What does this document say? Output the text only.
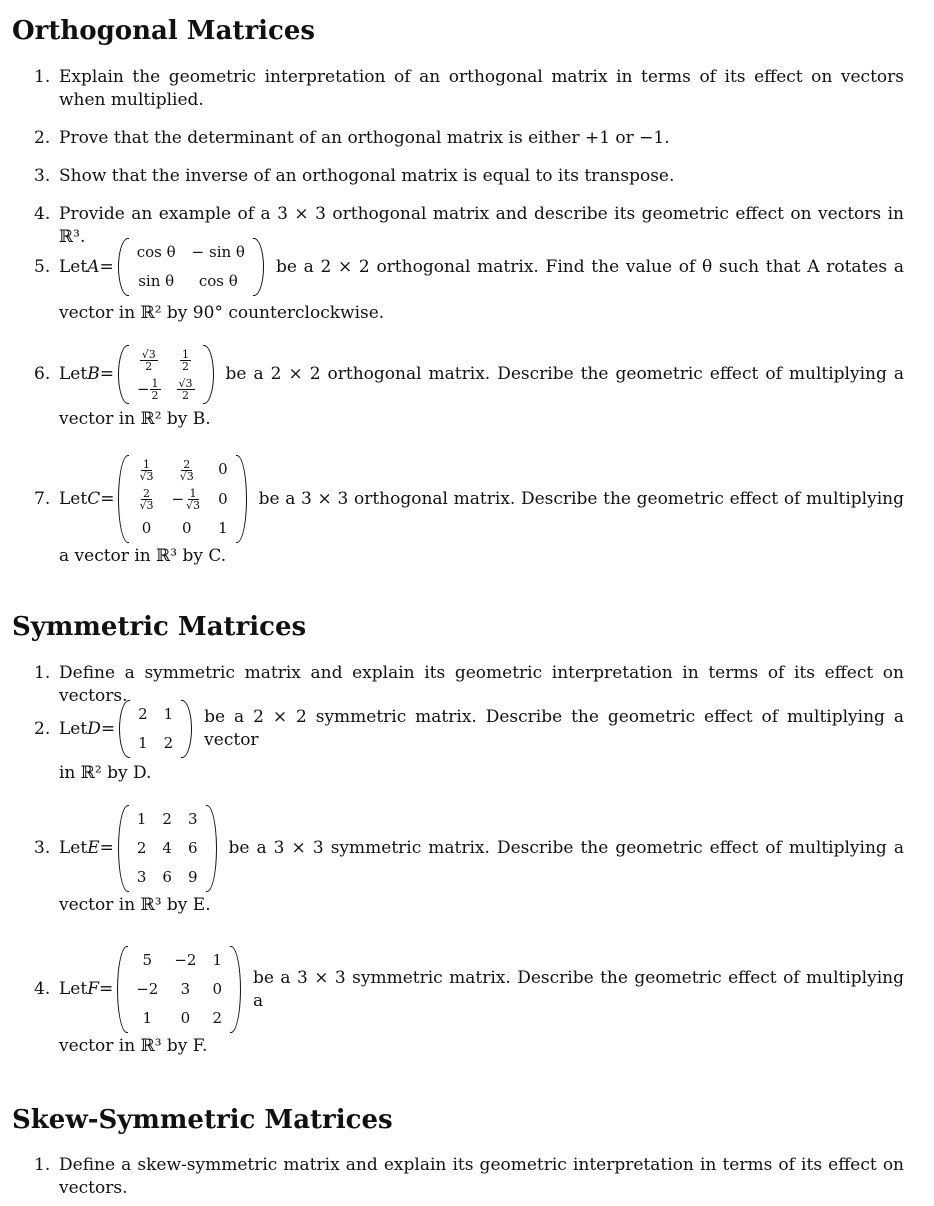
Orthogonal Matrices
1. Explain the geometric interpretation of an orthogonal matrix in terms of its effect on vectors when multiplied.
2. Prove that the determinant of an orthogonal matrix is either +1 or −1.
3. Show that the inverse of an orthogonal matrix is equal to its transpose.
4. Provide an example of a 3 × 3 orthogonal matrix and describe its geometric effect on vectors in ℝ³.
5. Let A =
cos θ	− sin θ
sin θ	cos θ
be a 2 × 2 orthogonal matrix. Find the value of θ such that A rotates a
vector in ℝ² by 90° counterclockwise.
6. Let B =
$\frac{√3}{2}$	$\frac{1}{2}$

− $\frac{1}{2}$	$\frac{√3}{2}$
be a 2 × 2 orthogonal matrix. Describe the geometric effect of multiplying a
vector in ℝ² by B.
7. Let C =
$\frac{1}{√3}$	$\frac{2}{√3}$	0

$\frac{2}{√3}$	− $\frac{1}{√3}$	0
0	0	1
be a 3 × 3 orthogonal matrix. Describe the geometric effect of multiplying
a vector in ℝ³ by C.
Symmetric Matrices
1. Define a symmetric matrix and explain its geometric interpretation in terms of its effect on vectors.
2. Let D =
2	1
1	2
be a 2 × 2 symmetric matrix. Describe the geometric effect of multiplying a vector
in ℝ² by D.
3. Let E =
1	2	3
2	4	6
3	6	9
be a 3 × 3 symmetric matrix. Describe the geometric effect of multiplying a
vector in ℝ³ by E.
4. Let F =
5	−2	1
−2	3	0
1	0	2
be a 3 × 3 symmetric matrix. Describe the geometric effect of multiplying a
vector in ℝ³ by F.
Skew-Symmetric Matrices
1. Define a skew-symmetric matrix and explain its geometric interpretation in terms of its effect on vectors.
